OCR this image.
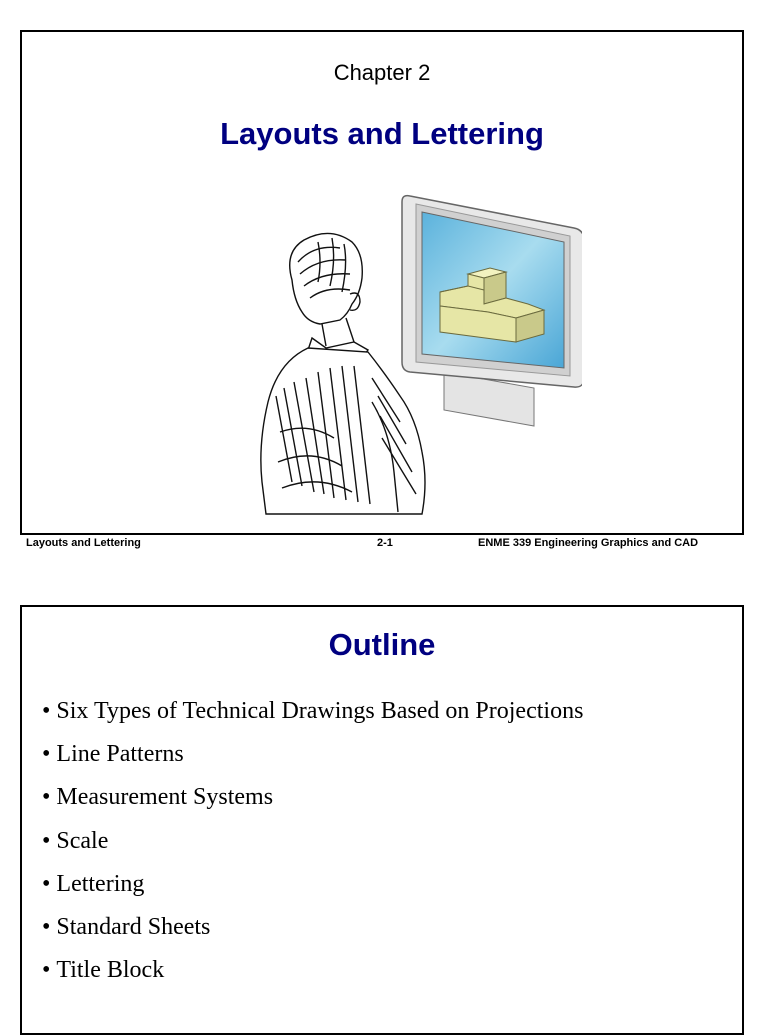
Chapter 2
Layouts and Lettering
Layouts and Lettering	2-1	ENME 339 Engineering Graphics and CAD
Outline
• Six Types of Technical Drawings Based on Projections
• Line Patterns
• Measurement Systems
• Scale
• Lettering
• Standard Sheets
• Title Block
